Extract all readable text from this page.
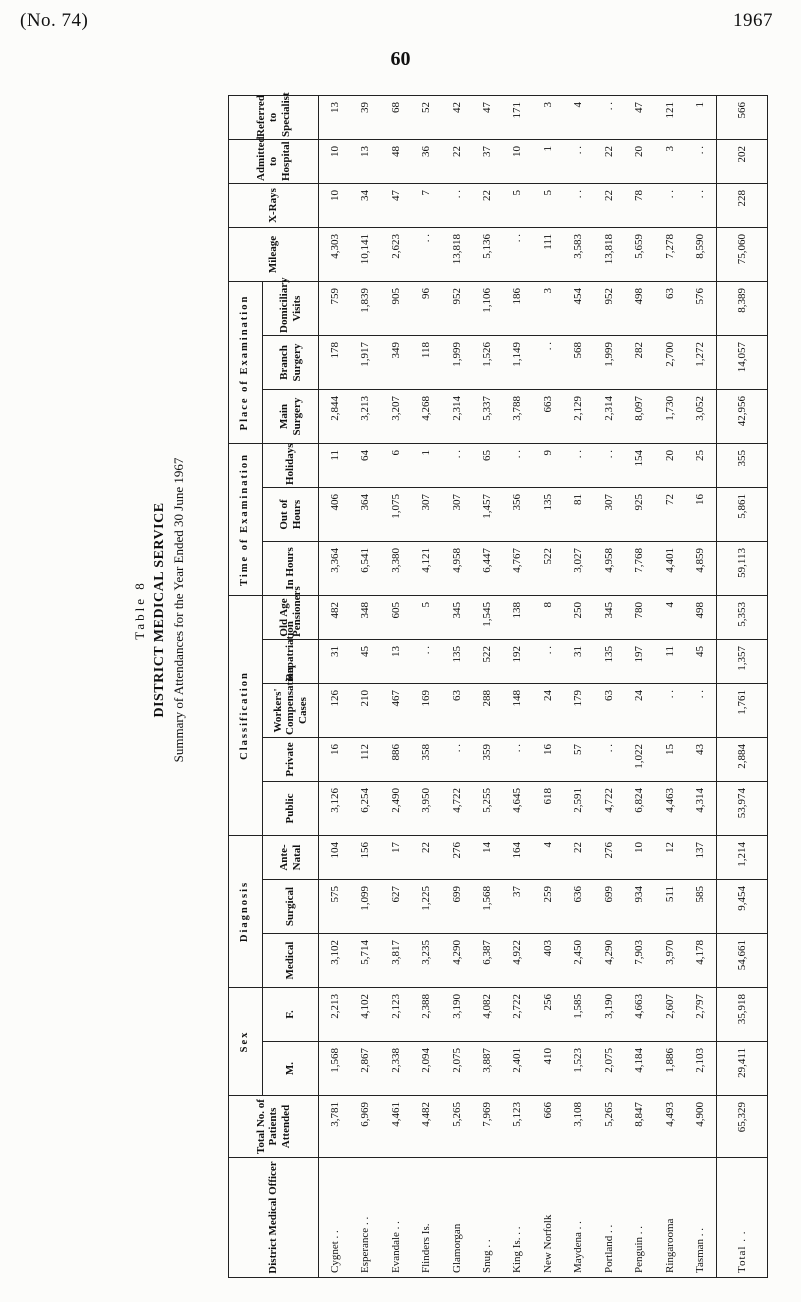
(No. 74)	1967
60
Table 8 DISTRICT MEDICAL SERVICE Summary of Attendances for the Year Ended 30 June 1967
District Medical Officer	Total No. of Patients Attended	Sex		Diagnosis			Classification					Time of Examination			Place of Examination			Mileage	X-Rays	Admitted to Hospital	Referred to Specialist
		M.	F.	Medical	Surgical	Ante-Natal	Public	Private	Workers' Compensation Cases	Repatriation	Old Age Pensioners	In Hours	Out of Hours	Holidays	Main Surgery	Branch Surgery	Domiciliary Visits				
Cygnet . .	3,781	1,568	2,213	3,102	575	104	3,126	16	126	31	482	3,364	406	11	2,844	178	759	4,303	10	10	13
Esperance . .	6,969	2,867	4,102	5,714	1,099	156	6,254	112	210	45	348	6,541	364	64	3,213	1,917	1,839	10,141	34	13	39
Evandale . .	4,461	2,338	2,123	3,817	627	17	2,490	886	467	13	605	3,380	1,075	6	3,207	349	905	2,623	47	48	68
Flinders Is.	4,482	2,094	2,388	3,235	1,225	22	3,950	358	169	. .	5	4,121	307	1	4,268	118	96	. .	7	36	52
Glamorgan	5,265	2,075	3,190	4,290	699	276	4,722	. .	63	135	345	4,958	307	. .	2,314	1,999	952	13,818	. .	22	42
Snug . .	7,969	3,887	4,082	6,387	1,568	14	5,255	359	288	522	1,545	6,447	1,457	65	5,337	1,526	1,106	5,136	22	37	47
King Is. . .	5,123	2,401	2,722	4,922	37	164	4,645	. .	148	192	138	4,767	356	. .	3,788	1,149	186	. .	5	10	171
New Norfolk	666	410	256	403	259	4	618	16	24	. .	8	522	135	9	663	. .	3	111	5	1	3
Maydena . .	3,108	1,523	1,585	2,450	636	22	2,591	57	179	31	250	3,027	81	. .	2,129	568	454	3,583	. .	. .	4
Portland . .	5,265	2,075	3,190	4,290	699	276	4,722	. .	63	135	345	4,958	307	. .	2,314	1,999	952	13,818	22	22	. .
Penguin . .	8,847	4,184	4,663	7,903	934	10	6,824	1,022	24	197	780	7,768	925	154	8,097	282	498	5,659	78	20	47
Ringarooma	4,493	1,886	2,607	3,970	511	12	4,463	15	. .	11	4	4,401	72	20	1,730	2,700	63	7,278	. .	3	121
Tasman . .	4,900	2,103	2,797	4,178	585	137	4,314	43	. .	45	498	4,859	16	25	3,052	1,272	576	8,590	. .	. .	1
Total . .	65,329	29,411	35,918	54,661	9,454	1,214	53,974	2,884	1,761	1,357	5,353	59,113	5,861	355	42,956	14,057	8,389	75,060	228	202	566
